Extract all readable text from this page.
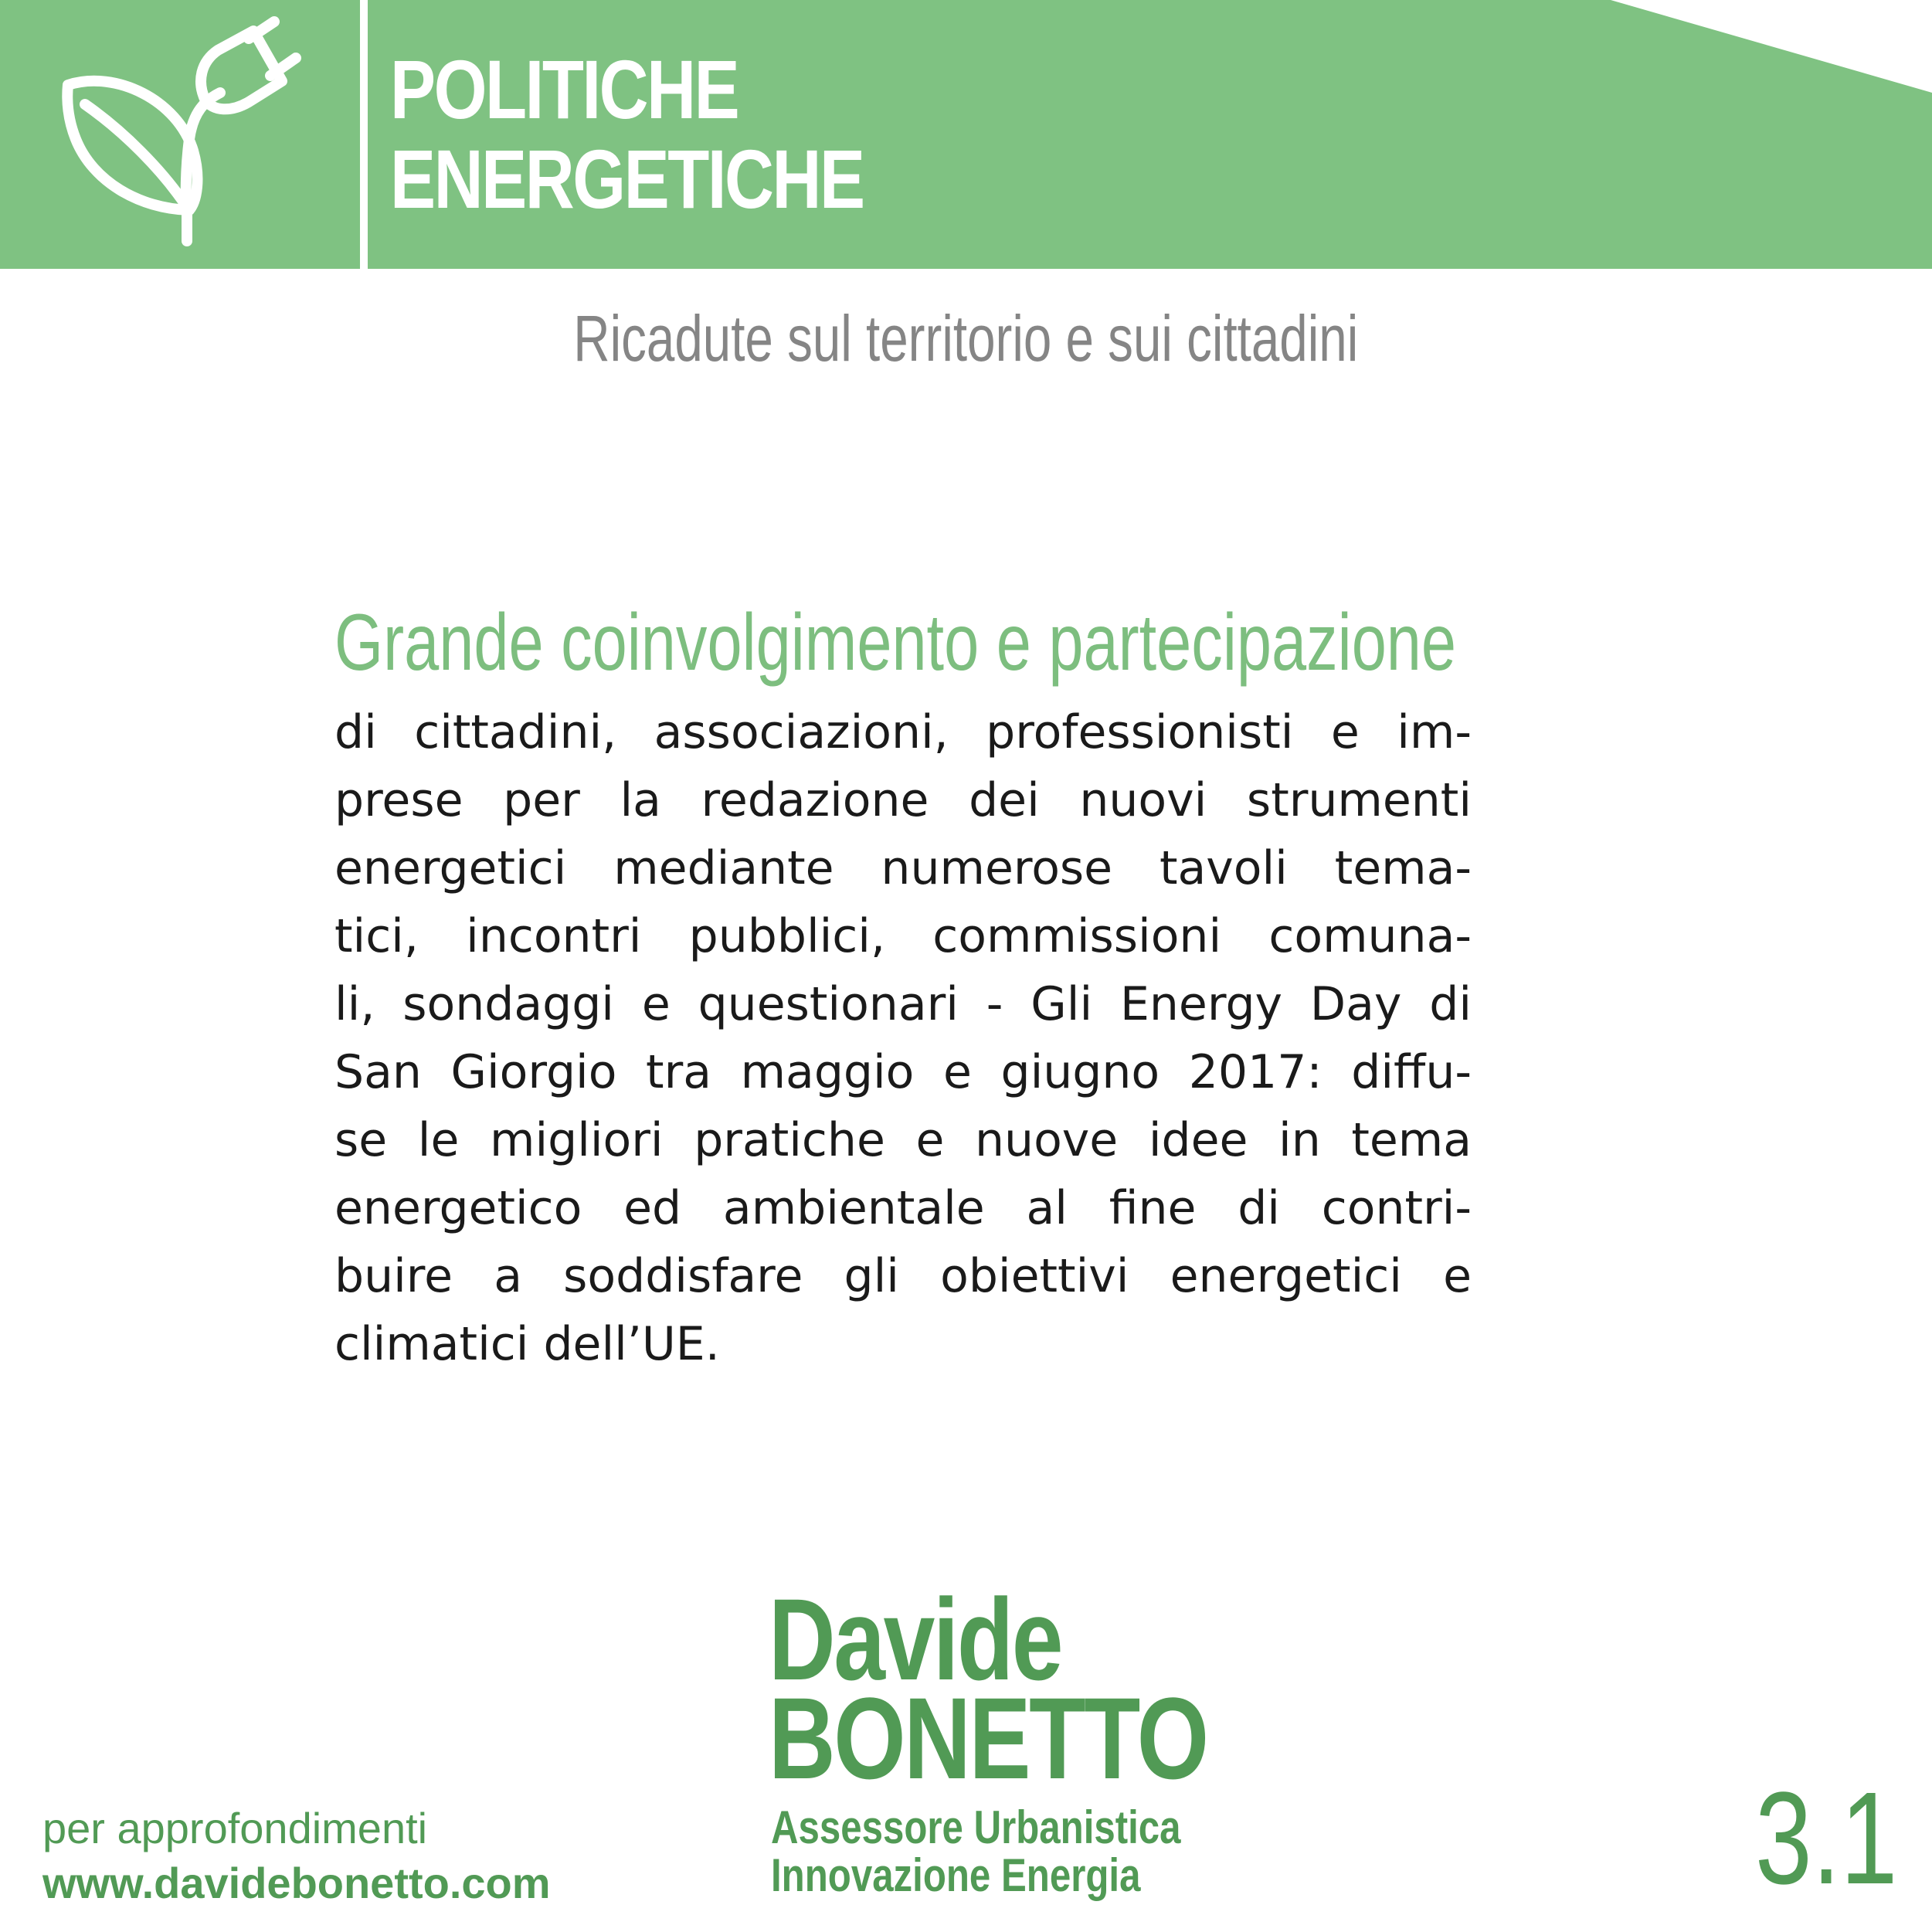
POLITICHE
ENERGETICHE
Ricadute sul territorio e sui cittadini
Grande coinvolgimento e partecipazione
di cittadini, associazioni, professionisti e im-
prese per la redazione dei nuovi strumenti
energetici mediante numerose tavoli tema-
tici, incontri pubblici, commissioni comuna-
li, sondaggi e questionari - Gli Energy Day di
San Giorgio tra maggio e giugno 2017: diffu-
se le migliori pratiche e nuove idee in tema
energetico ed ambientale al fine di contri-
buire a soddisfare gli obiettivi energetici e
climatici dell’UE.
Davide
BONETTO
Assessore Urbanistica
Innovazione Energia
per approfondimenti
www.davidebonetto.com	3.1
